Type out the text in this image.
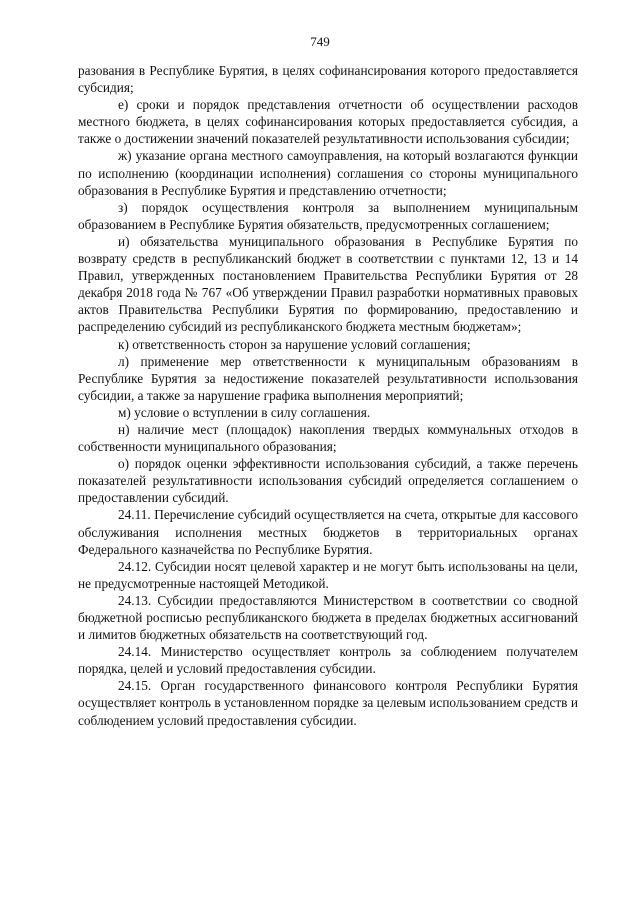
749

разования в Республике Бурятия, в целях софинансирования которого предоставляется субсидия;

е) сроки и порядок представления отчетности об осуществлении расходов местного бюджета, в целях софинансирования которых предоставляется субсидия, а также о достижении значений показателей результативности использования субсидии;

ж) указание органа местного самоуправления, на который возлагаются функции по исполнению (координации исполнения) соглашения со стороны муниципального образования в Республике Бурятия и представлению отчетности;

з) порядок осуществления контроля за выполнением муниципальным образованием в Республике Бурятия обязательств, предусмотренных соглашением;

и) обязательства муниципального образования в Республике Бурятия по возврату средств в республиканский бюджет в соответствии с пунктами 12, 13 и 14 Правил, утвержденных постановлением Правительства Республики Бурятия от 28 декабря 2018 года № 767 «Об утверждении Правил разработки нормативных правовых актов Правительства Республики Бурятия по формированию, предоставлению и распределению субсидий из республиканского бюджета местным бюджетам»;

к) ответственность сторон за нарушение условий соглашения;

л) применение мер ответственности к муниципальным образованиям в Республике Бурятия за недостижение показателей результативности использования субсидии, а также за нарушение графика выполнения мероприятий;

м) условие о вступлении в силу соглашения.

н) наличие мест (площадок) накопления твердых коммунальных отходов в собственности муниципального образования;

о) порядок оценки эффективности использования субсидий, а также перечень показателей результативности использования субсидий определяется соглашением о предоставлении субсидий.

24.11. Перечисление субсидий осуществляется на счета, открытые для кассового обслуживания исполнения местных бюджетов в территориальных органах Федерального казначейства по Республике Бурятия.

24.12. Субсидии носят целевой характер и не могут быть использованы на цели, не предусмотренные настоящей Методикой.

24.13. Субсидии предоставляются Министерством в соответствии со сводной бюджетной росписью республиканского бюджета в пределах бюджетных ассигнований и лимитов бюджетных обязательств на соответствующий год.

24.14. Министерство осуществляет контроль за соблюдением получателем порядка, целей и условий предоставления субсидии.

24.15. Орган государственного финансового контроля Республики Бурятия осуществляет контроль в установленном порядке за целевым использованием средств и соблюдением условий предоставления субсидии.
